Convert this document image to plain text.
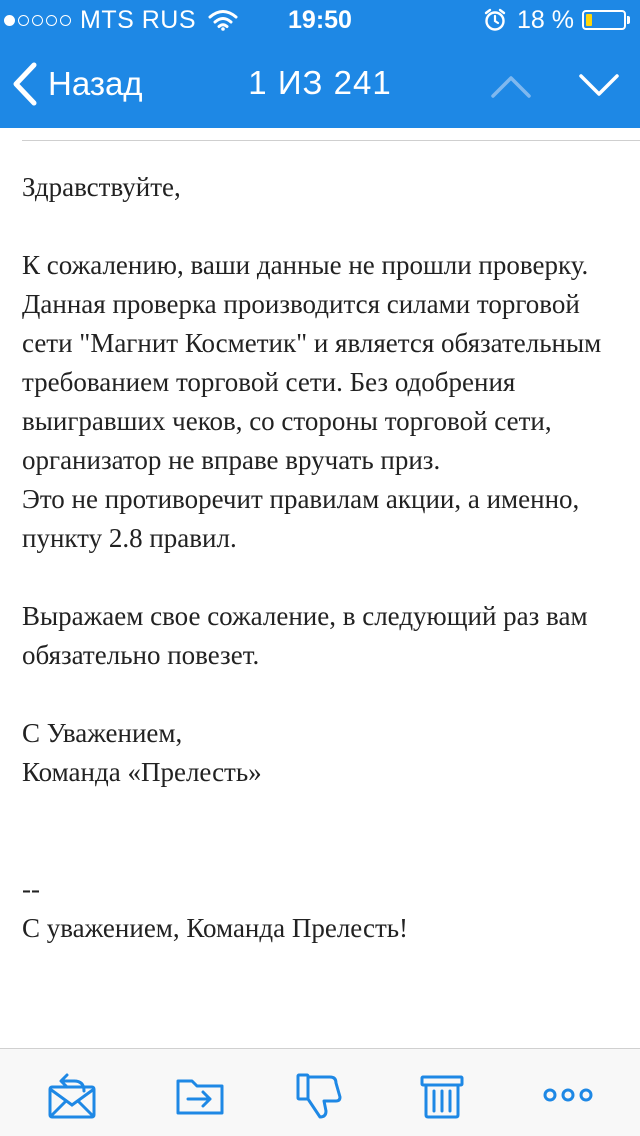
MTS RUS	19:50	18 %
Назад	1 ИЗ 241

Здравствуйте,

К сожалению, ваши данные не прошли проверку.

Данная проверка производится силами торговой сети "Магнит Косметик" и является обязательным требованием торговой сети. Без одобрения выигравших чеков, со стороны торговой сети, организатор не вправе вручать приз.

Это не противоречит правилам акции, а именно, пункту 2.8 правил.

Выражаем свое сожаление, в следующий раз вам обязательно повезет.

С Уважением,

Команда «Прелесть»

--

С уважением, Команда Прелесть!
